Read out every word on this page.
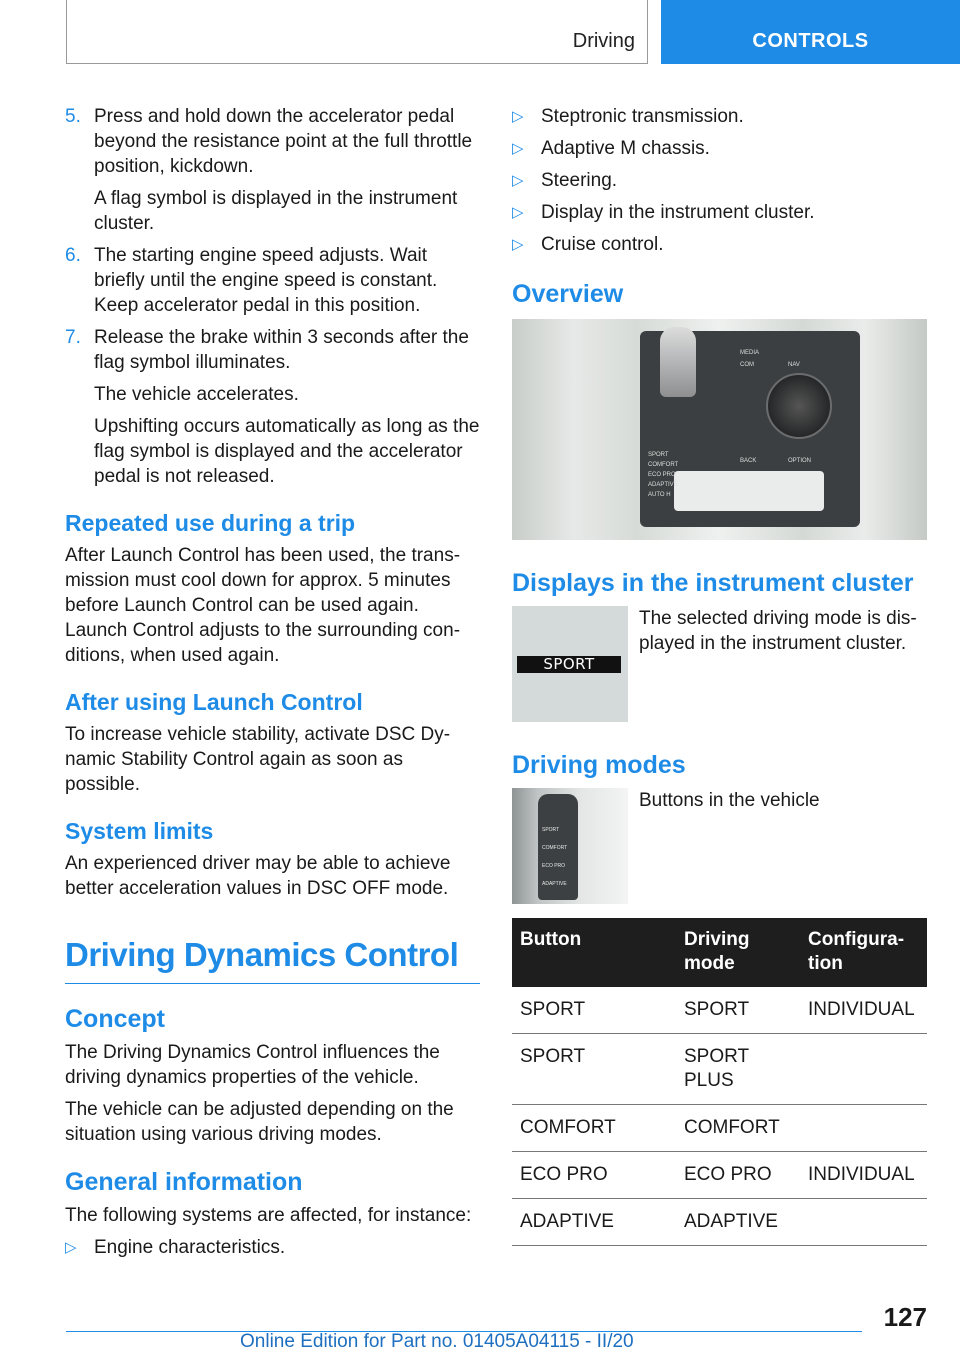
Driving	CONTROLS
5. Press and hold down the accelerator pedal beyond the resistance point at the full throttle position, kickdown.

A flag symbol is displayed in the instrument cluster.

6. The starting engine speed adjusts. Wait briefly until the engine speed is constant. Keep accelerator pedal in this position.

7. Release the brake within 3 seconds after the flag symbol illuminates.

The vehicle accelerates.

Upshifting occurs automatically as long as the flag symbol is displayed and the accelerator pedal is not released.

Repeated use during a trip

After Launch Control has been used, the transmission must cool down for approx. 5 minutes before Launch Control can be used again. Launch Control adjusts to the surrounding conditions, when used again.

After using Launch Control

To increase vehicle stability, activate DSC Dynamic Stability Control again as soon as possible.

System limits

An experienced driver may be able to achieve better acceleration values in DSC OFF mode.

Driving Dynamics Control
Concept

The Driving Dynamics Control influences the driving dynamics properties of the vehicle.

The vehicle can be adjusted depending on the situation using various driving modes.

General information

The following systems are affected, for instance:

▷ Engine characteristics.
▷ Steptronic transmission.
▷ Adaptive M chassis.
▷ Steering.
▷ Display in the instrument cluster.
▷ Cruise control.
Overview
SPORT
COMFORT
ECO PRO
ADAPTIVE
AUTO H
MEDIA
COM	NAV
BACK	OPTION
Displays in the instrument cluster
SPORT
The selected driving mode is displayed in the instrument cluster.
Driving modes
SPORT
COMFORT
ECO PRO
ADAPTIVE
Buttons in the vehicle
Button	Driving mode	Configuration
SPORT	SPORT	INDIVIDUAL
SPORT	SPORT PLUS	
COMFORT	COMFORT	
ECO PRO	ECO PRO	INDIVIDUAL
ADAPTIVE	ADAPTIVE	
127
Online Edition for Part no. 01405A04115 - II/20
